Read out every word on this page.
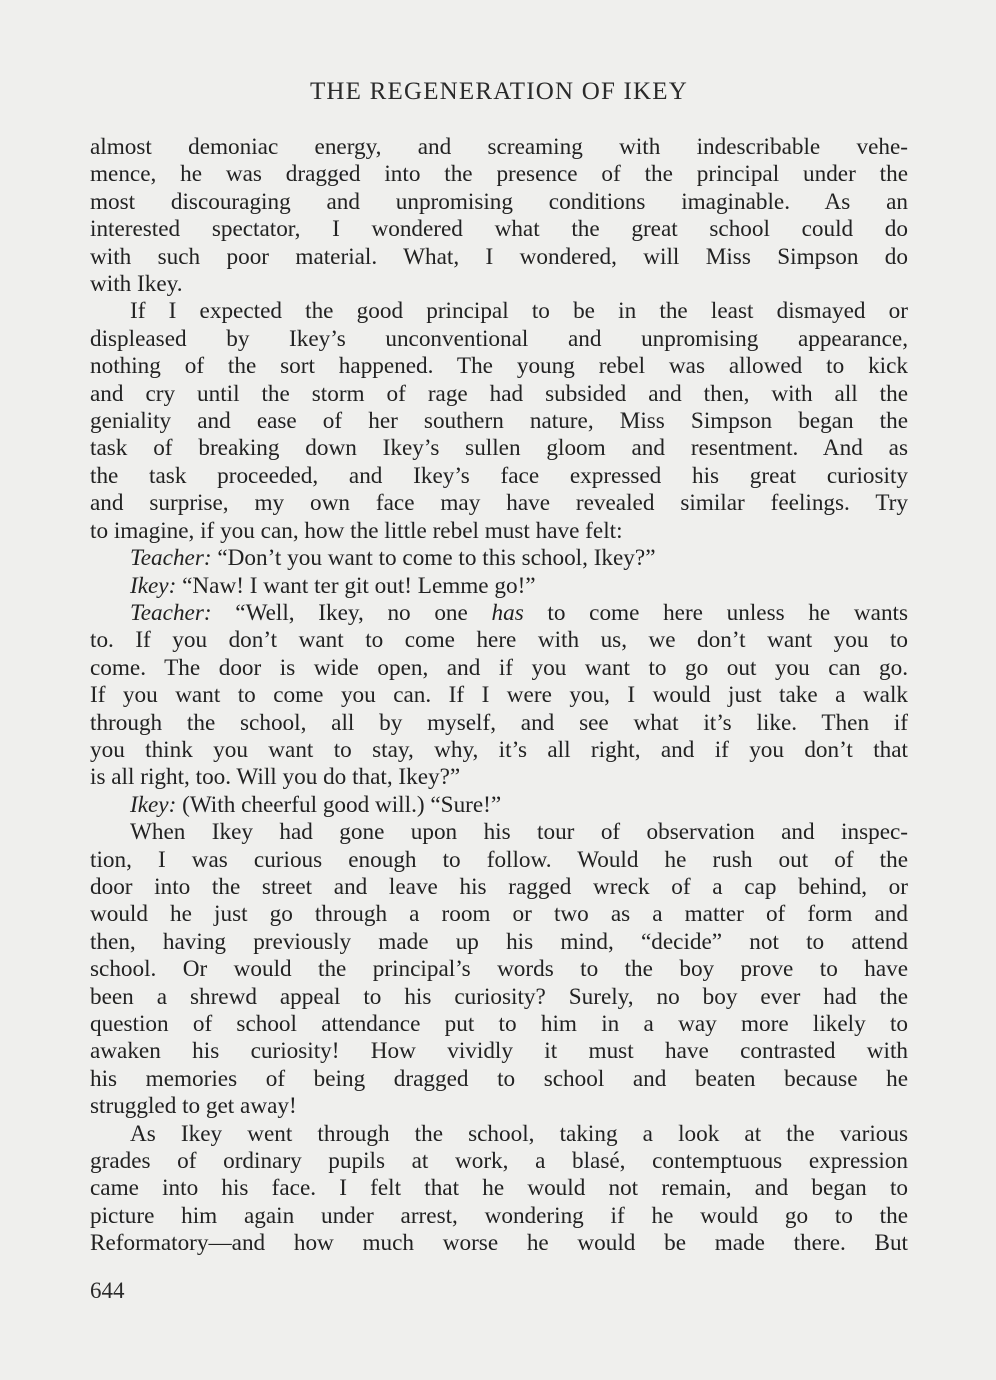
THE REGENERATION OF IKEY

almost demoniac energy, and screaming with indescribable vehe-
mence, he was dragged into the presence of the principal under the
most discouraging and unpromising conditions imaginable. As an
interested spectator, I wondered what the great school could do
with such poor material. What, I wondered, will Miss Simpson do
with Ikey.

If I expected the good principal to be in the least dismayed or
displeased by Ikey’s unconventional and unpromising appearance,
nothing of the sort happened. The young rebel was allowed to kick
and cry until the storm of rage had subsided and then, with all the
geniality and ease of her southern nature, Miss Simpson began the
task of breaking down Ikey’s sullen gloom and resentment. And as
the task proceeded, and Ikey’s face expressed his great curiosity
and surprise, my own face may have revealed similar feelings. Try
to imagine, if you can, how the little rebel must have felt:

Teacher: “Don’t you want to come to this school, Ikey?”

Ikey: “Naw! I want ter git out! Lemme go!”

Teacher: “Well, Ikey, no one has to come here unless he wants
to. If you don’t want to come here with us, we don’t want you to
come. The door is wide open, and if you want to go out you can go.
If you want to come you can. If I were you, I would just take a walk
through the school, all by myself, and see what it’s like. Then if
you think you want to stay, why, it’s all right, and if you don’t that
is all right, too. Will you do that, Ikey?”

Ikey: (With cheerful good will.) “Sure!”

When Ikey had gone upon his tour of observation and inspec-
tion, I was curious enough to follow. Would he rush out of the
door into the street and leave his ragged wreck of a cap behind, or
would he just go through a room or two as a matter of form and
then, having previously made up his mind, “decide” not to attend
school. Or would the principal’s words to the boy prove to have
been a shrewd appeal to his curiosity? Surely, no boy ever had the
question of school attendance put to him in a way more likely to
awaken his curiosity! How vividly it must have contrasted with
his memories of being dragged to school and beaten because he
struggled to get away!

As Ikey went through the school, taking a look at the various
grades of ordinary pupils at work, a blasé, contemptuous expression
came into his face. I felt that he would not remain, and began to
picture him again under arrest, wondering if he would go to the
Reformatory—and how much worse he would be made there. But

644
